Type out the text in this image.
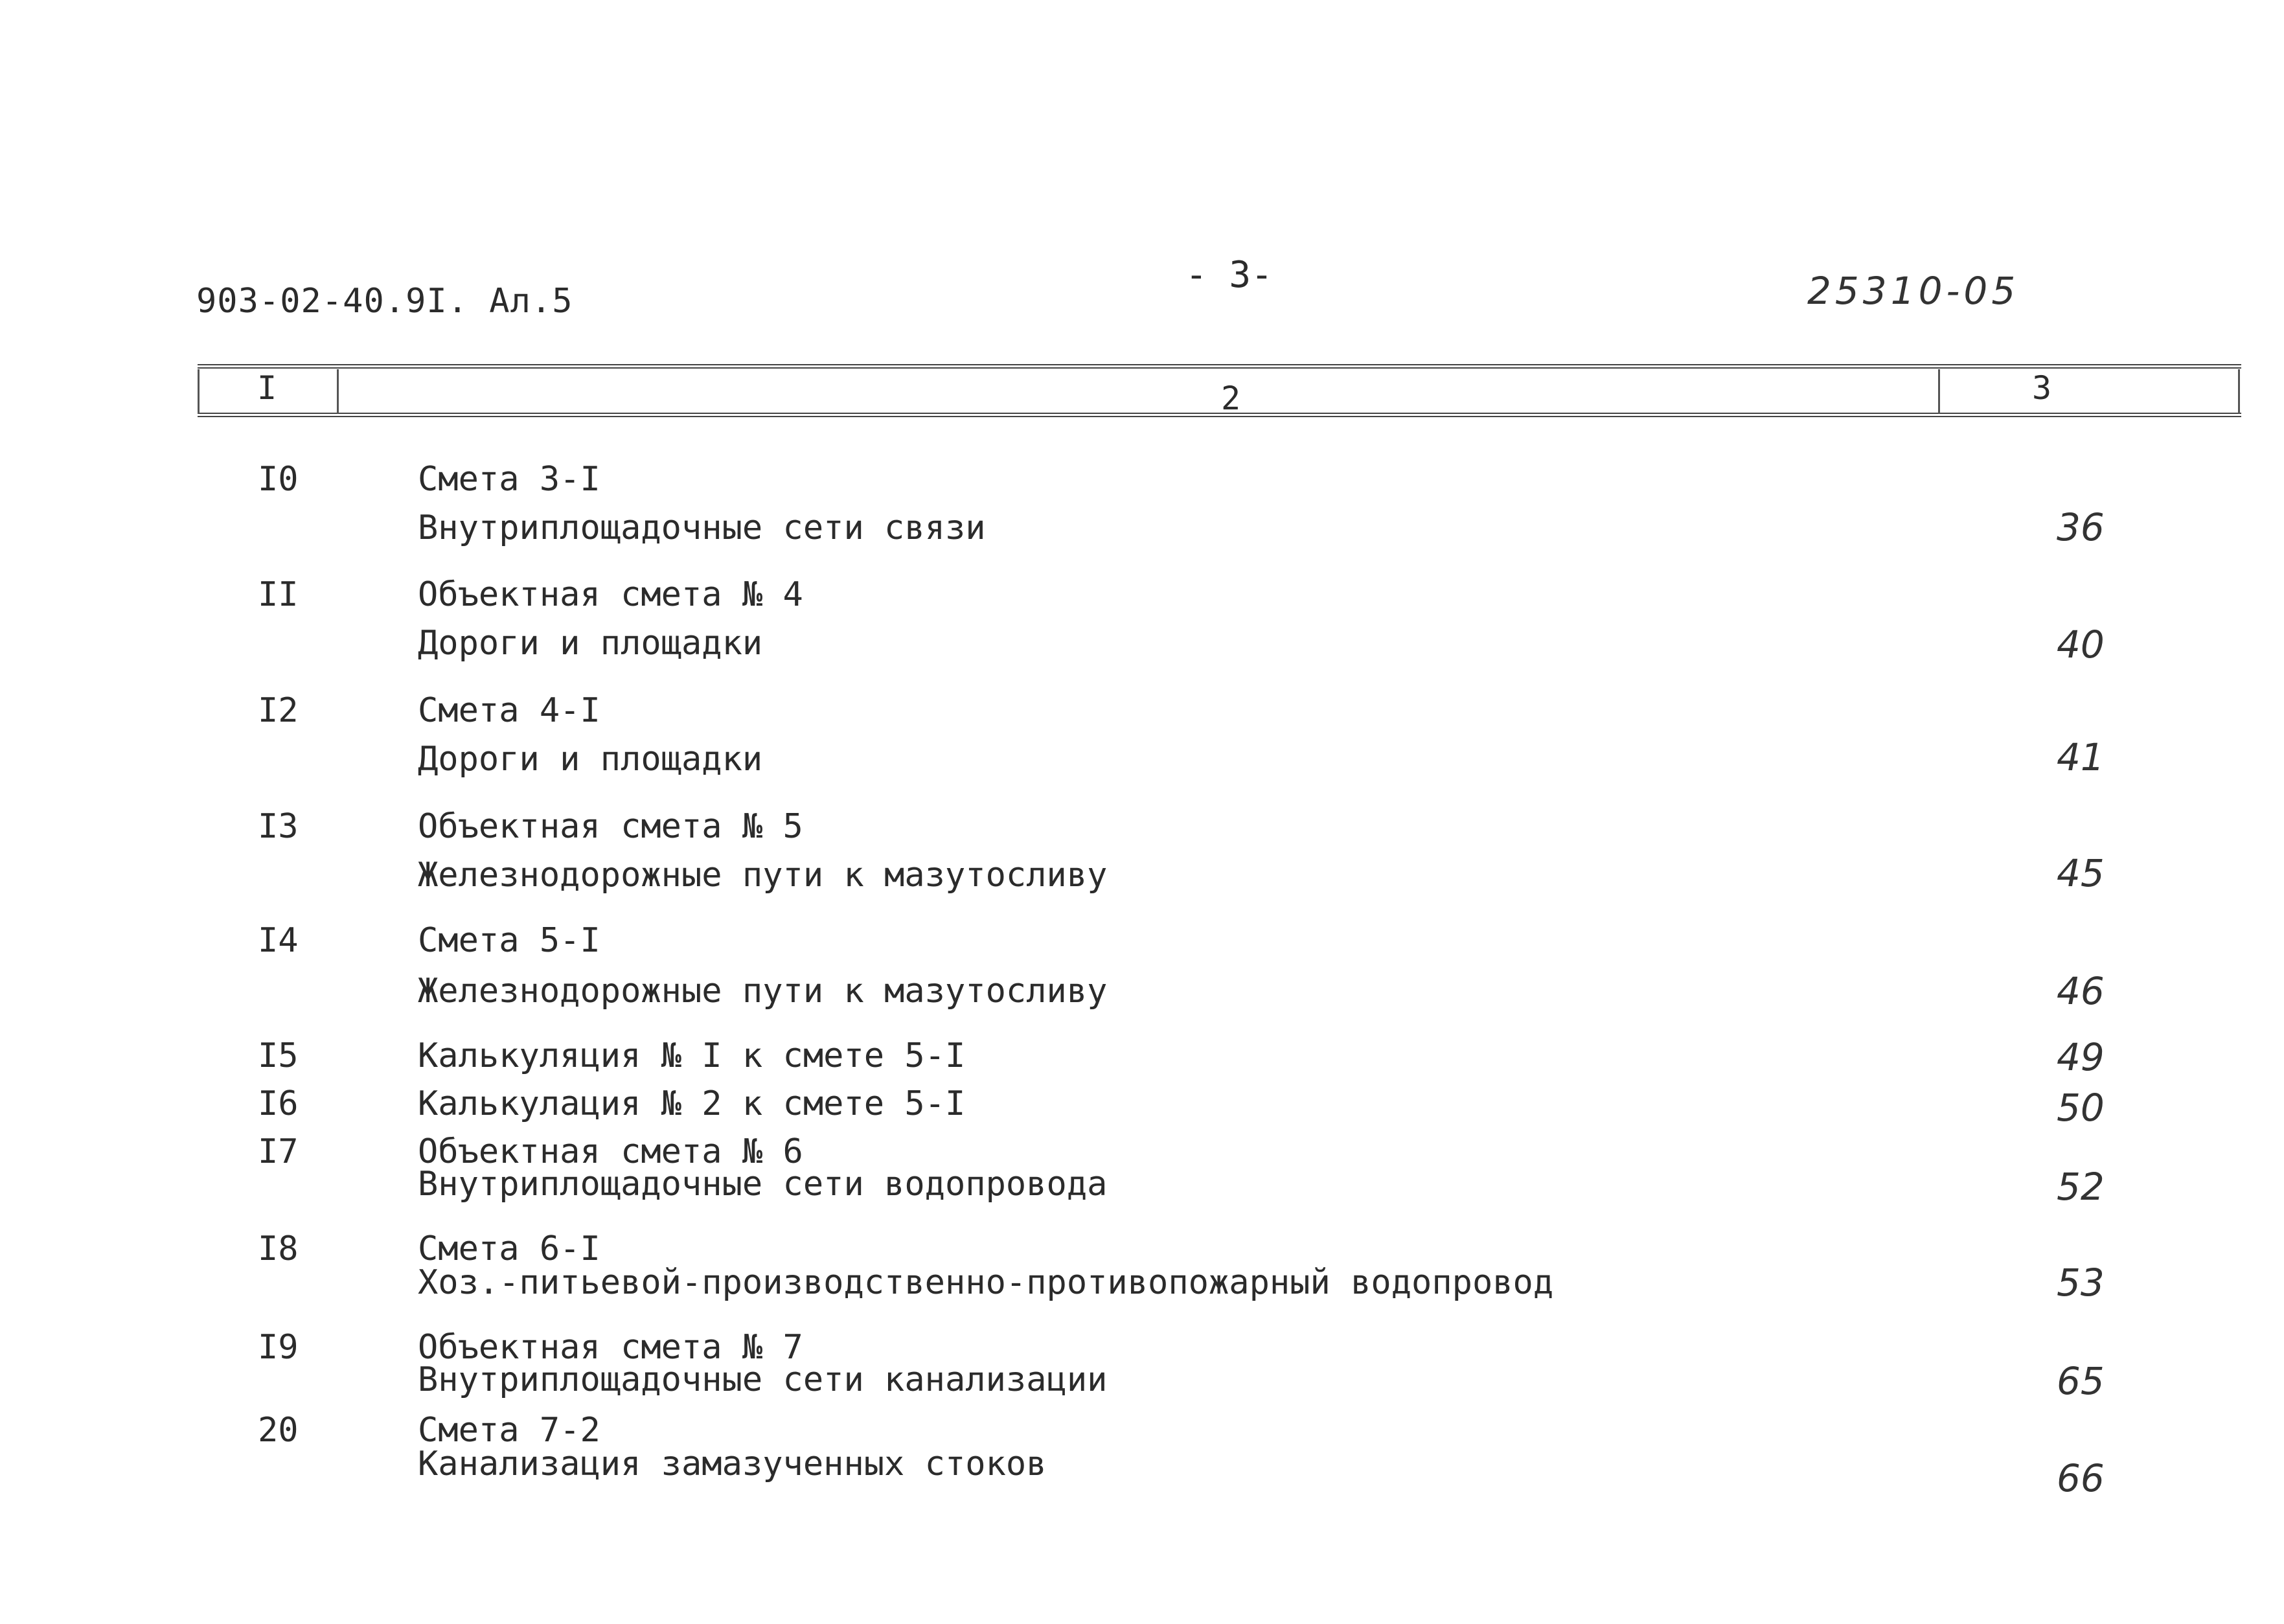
903-02-40.9I. Ал.5
- 3-	25310-05
I	2	3
I0	Смета 3-I
Внутриплощадочные сети связи	36
II	Объектная смета № 4
Дороги и площадки	40
I2	Смета 4-I
Дороги и площадки	41
I3	Объектная смета № 5
Железнодорожные пути к мазутосливу	45
I4	Смета 5-I
Железнодорожные пути к мазутосливу	46
I5	Калькуляция № I к смете 5-I	49
I6	Калькулация № 2 к смете 5-I	50
I7	Объектная смета № 6
Внутриплощадочные сети водопровода	52
I8	Смета 6-I
Хоз.-питьевой-производственно-противопожарный водопровод	53
I9	Объектная смета № 7
Внутриплощадочные сети канализации	65
20	Смета 7-2
Канализация замазученных стоков	66
